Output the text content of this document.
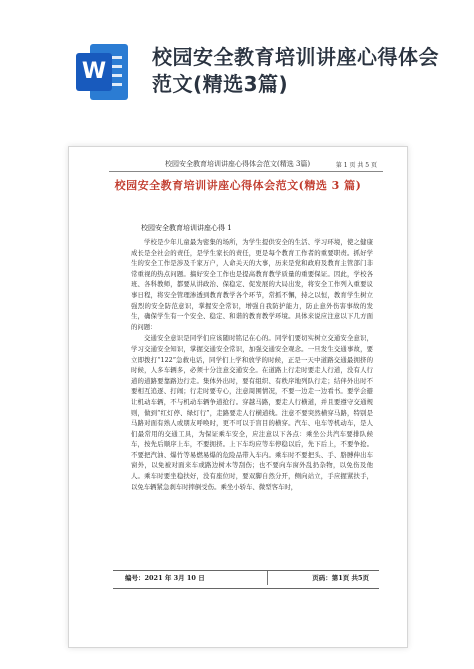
W
校园安全教育培训讲座心得体会范文(精选3篇)
校园安全教育培训讲座心得体会范文(精选 3篇)	第 1 页 共 5 页
校园安全教育培训讲座心得体会范文(精选 3 篇)
校园安全教育培训讲座心得 1

学校是少年儿童最为密集的场所，为学生提供安全的生活、学习环境，使之健康成长是全社会的责任，是学生家长的责任，更是每个教育工作者的重要职责。抓好学生的安全工作是涉及千家万户，人命关天的大事，历来是党和政府及教育主管部门非常重视的热点问题。搞好安全工作也是提高教育教学质量的重要保证。因此，学校各班、各科教师，都要从讲政治、保稳定、促发展的大局出发，将安全工作列入重要议事日程，将安全管理渗透到教育教学各个环节，常抓不懈，持之以恒，教育学生树立强烈的安全防范意识，掌握安全常识，增强自我防护能力，防止意外伤害事故的发生，确保学生有一个安全、稳定、和谐的教育教学环境。具体来说应注意以下几方面的问题：

交通安全意识是同学们应该随时铭记在心的。同学们要切实树立交通安全意识，学习交通安全知识，掌握交通安全常识，加强交通安全观念。一旦发生交通事故，要立即拨打“122”急救电话，同学们上学和放学的时候，正是一天中道路交通最拥挤的时候，人多车辆多，必须十分注意交通安全。在道路上行走时要走人行道，没有人行道的道路要靠路边行走。集体外出时，要有组织、有秩序地列队行走；结伴外出时不要相互追逐、打闹；行走时要专心，注意周围情况，不要一边走一边看书。要学会避让机动车辆，不与机动车辆争道抢行。穿越马路，要走人行横道，并且要遵守交通规则，做到“红灯停、绿灯行”，走路要走人行横道线。注意不要突然横穿马路，特别是马路对面有熟人或朋友呼唤时，更不可以于盲目的横穿。汽车、电车等机动车，是人们最常用的交通工具，为保证乘车安全，应注意以下各点：乘坐公共汽车要排队候车，按先后顺序上车，不要拥挤。上下车均应等车停稳以后，先下后上，不要争抢。不要把汽油、爆竹等易燃易爆的危险品带入车内。乘车时不要把头、手、胳膊伸出车窗外，以免被对面来车或路边树木等刮伤；也不要向车窗外乱扔杂物，以免伤及他人。乘车时要坐稳扶好，没有座位时，要双脚自然分开，侧向站立，手应握紧扶手，以免车辆紧急刹车时摔倒受伤。乘坐小轿车、微型客车时，

编号：2021 年 3月 10 日	页码：第1页 共5页
